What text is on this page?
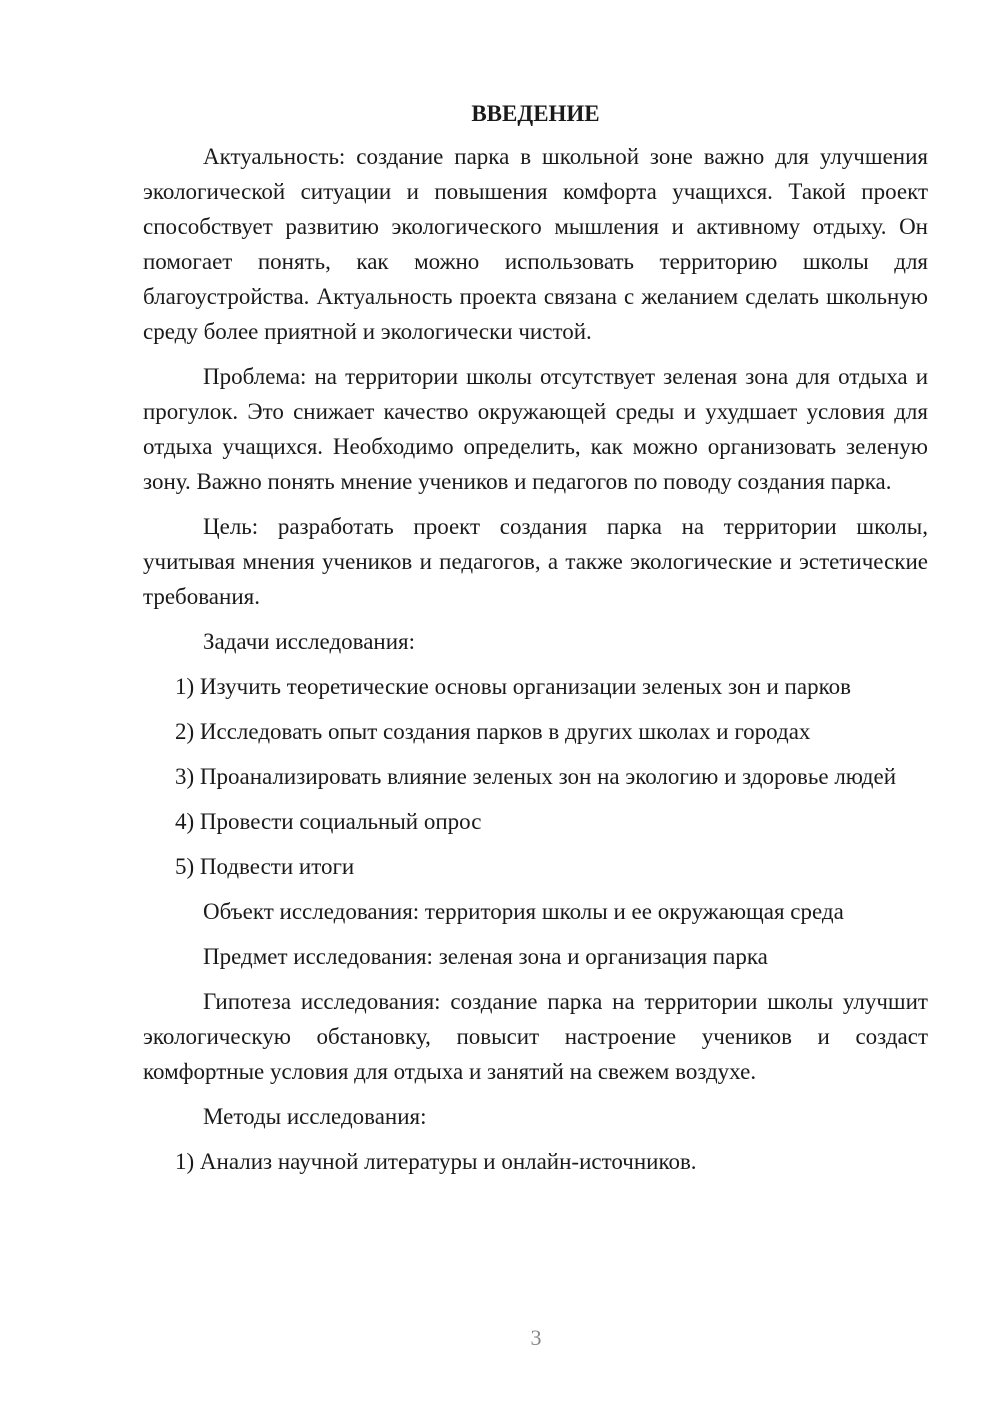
ВВЕДЕНИЕ

Актуальность: создание парка в школьной зоне важно для улучшения экологической ситуации и повышения комфорта учащихся. Такой проект способствует развитию экологического мышления и активному отдыху. Он помогает понять, как можно использовать территорию школы для благоустройства. Актуальность проекта связана с желанием сделать школьную среду более приятной и экологически чистой.

Проблема: на территории школы отсутствует зеленая зона для отдыха и прогулок. Это снижает качество окружающей среды и ухудшает условия для отдыха учащихся. Необходимо определить, как можно организовать зеленую зону. Важно понять мнение учеников и педагогов по поводу создания парка.

Цель: разработать проект создания парка на территории школы, учитывая мнения учеников и педагогов, а также экологические и эстетические требования.

Задачи исследования:
1) Изучить теоретические основы организации зеленых зон и парков
2) Исследовать опыт создания парков в других школах и городах
3) Проанализировать влияние зеленых зон на экологию и здоровье людей
4) Провести социальный опрос
5) Подвести итоги
Объект исследования: территория школы и ее окружающая среда
Предмет исследования: зеленая зона и организация парка

Гипотеза исследования: создание парка на территории школы улучшит экологическую обстановку, повысит настроение учеников и создаст комфортные условия для отдыха и занятий на свежем воздухе.

Методы исследования:
1) Анализ научной литературы и онлайн-источников.
3
